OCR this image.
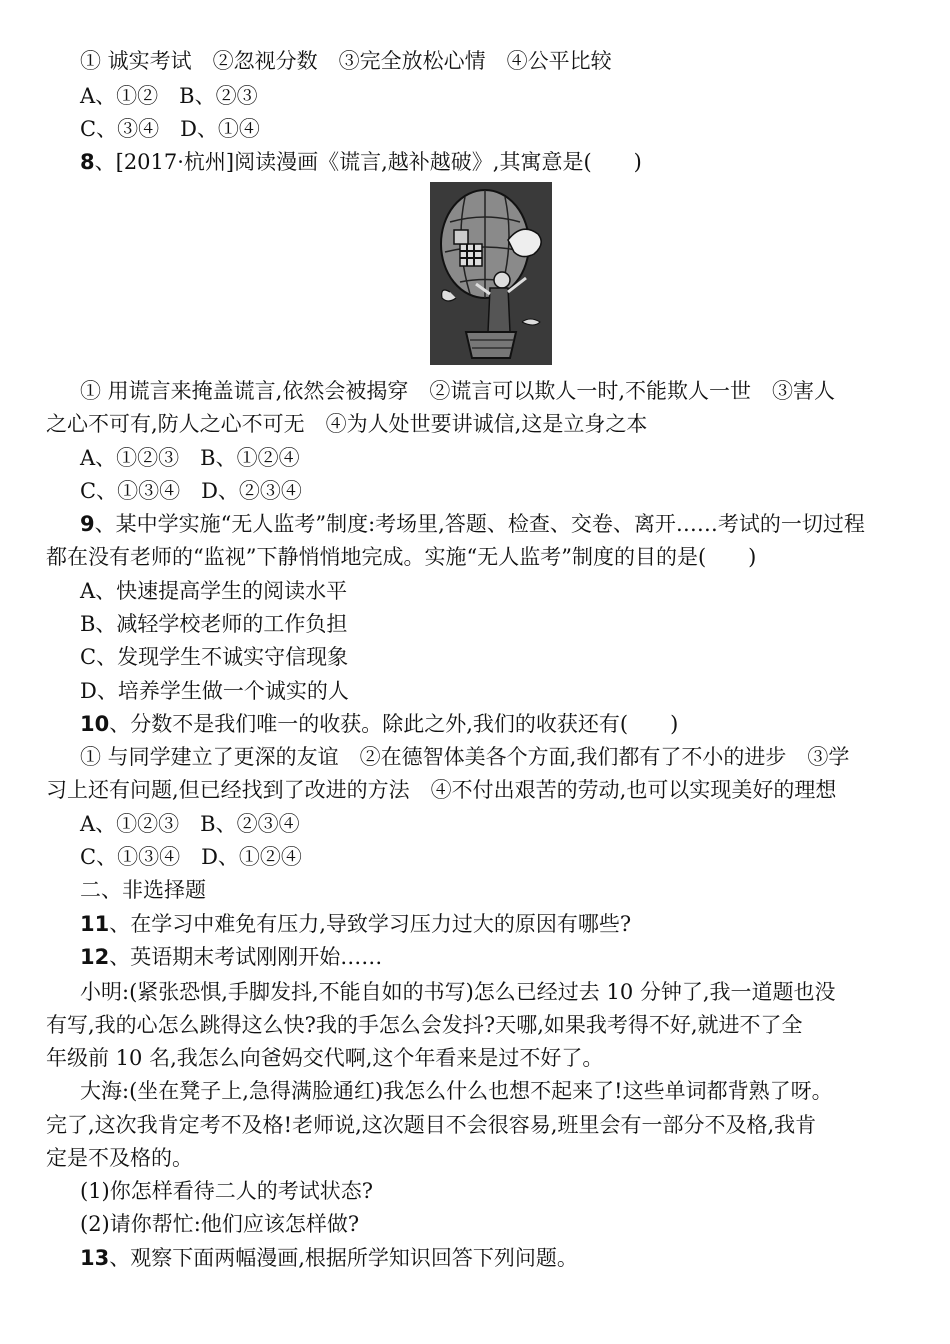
① 诚实考试　②忽视分数　③完全放松心情　④公平比较
A、①②　B、②③
C、③④　D、①④
8、[2017·杭州]阅读漫画《谎言,越补越破》,其寓意是(　　)
① 用谎言来掩盖谎言,依然会被揭穿　②谎言可以欺人一时,不能欺人一世　③害人
之心不可有,防人之心不可无　④为人处世要讲诚信,这是立身之本
A、①②③　B、①②④
C、①③④　D、②③④
9、某中学实施“无人监考”制度:考场里,答题、检查、交卷、离开……考试的一切过程
都在没有老师的“监视”下静悄悄地完成。实施“无人监考”制度的目的是(　　)
A、快速提高学生的阅读水平
B、减轻学校老师的工作负担
C、发现学生不诚实守信现象
D、培养学生做一个诚实的人
10、分数不是我们唯一的收获。除此之外,我们的收获还有(　　)
① 与同学建立了更深的友谊　②在德智体美各个方面,我们都有了不小的进步　③学
习上还有问题,但已经找到了改进的方法　④不付出艰苦的劳动,也可以实现美好的理想
A、①②③　B、②③④
C、①③④　D、①②④
二、非选择题
11、在学习中难免有压力,导致学习压力过大的原因有哪些?
12、英语期末考试刚刚开始……
小明:(紧张恐惧,手脚发抖,不能自如的书写)怎么已经过去 10 分钟了,我一道题也没
有写,我的心怎么跳得这么快?我的手怎么会发抖?天哪,如果我考得不好,就进不了全
年级前 10 名,我怎么向爸妈交代啊,这个年看来是过不好了。
大海:(坐在凳子上,急得满脸通红)我怎么什么也想不起来了!这些单词都背熟了呀。
完了,这次我肯定考不及格!老师说,这次题目不会很容易,班里会有一部分不及格,我肯
定是不及格的。
(1)你怎样看待二人的考试状态?
(2)请你帮忙:他们应该怎样做?
13、观察下面两幅漫画,根据所学知识回答下列问题。
